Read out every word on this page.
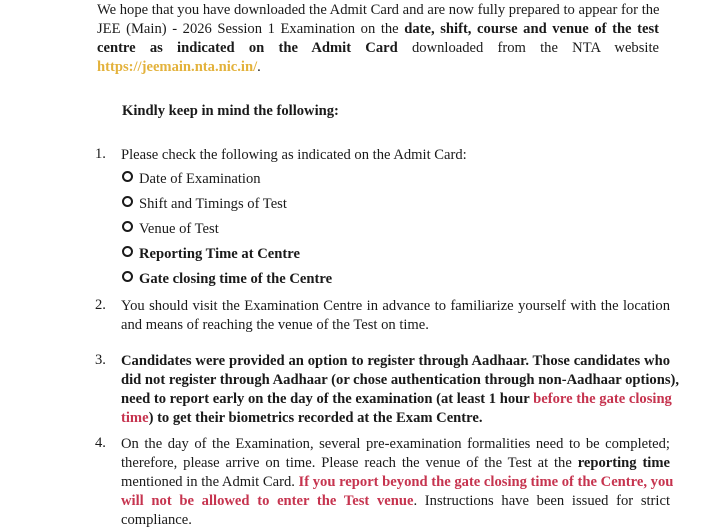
We hope that you have downloaded the Admit Card and are now fully prepared to appear for the
JEE (Main) - 2026 Session 1 Examination on the date, shift, course and venue of the test
centre as indicated on the Admit Card downloaded from the NTA website
https://jeemain.nta.nic.in/.
Kindly keep in mind the following:
1. Please check the following as indicated on the Admit Card:
Date of Examination
Shift and Timings of Test
Venue of Test
Reporting Time at Centre
Gate closing time of the Centre
2. You should visit the Examination Centre in advance to familiarize yourself with the location
and means of reaching the venue of the Test on time.
3. Candidates were provided an option to register through Aadhaar. Those candidates who
did not register through Aadhaar (or chose authentication through non-Aadhaar options),
need to report early on the day of the examination (at least 1 hour before the gate closing
time) to get their biometrics recorded at the Exam Centre.
4. On the day of the Examination, several pre-examination formalities need to be completed;
therefore, please arrive on time. Please reach the venue of the Test at the reporting time
mentioned in the Admit Card. If you report beyond the gate closing time of the Centre, you
will not be allowed to enter the Test venue. Instructions have been issued for strict
compliance.
